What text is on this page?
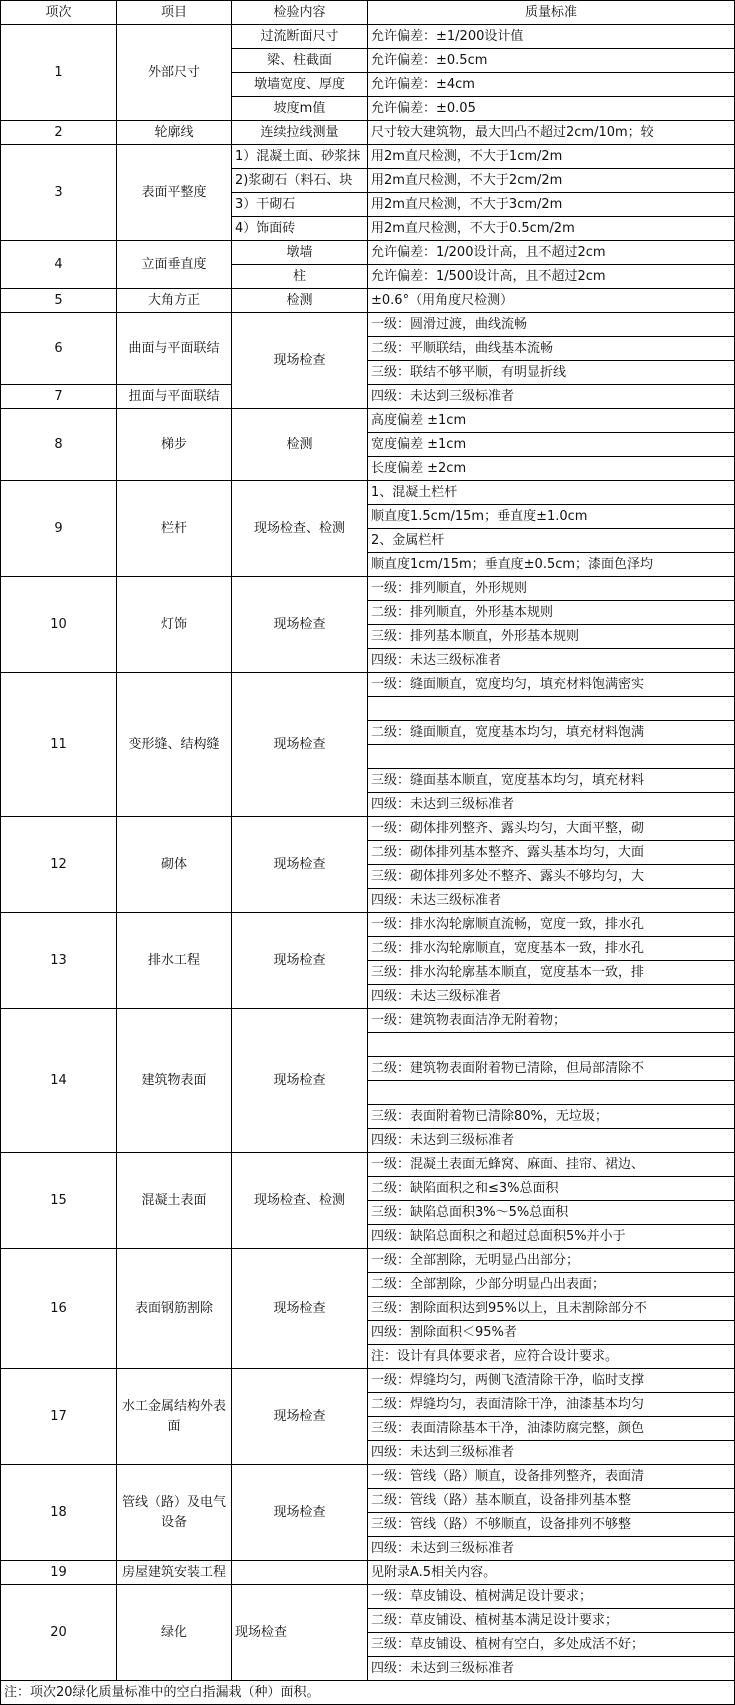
项次	项目	检验内容	质量标准
1	外部尺寸	过流断面尺寸	允许偏差：±1/200设计值
		梁、柱截面	允许偏差：±0.5cm
		墩墙宽度、厚度	允许偏差：±4cm
		坡度m值	允许偏差：±0.05
2	轮廓线	连续拉线测量	尺寸较大建筑物，最大凹凸不超过2cm/10m；较
3	表面平整度	1）混凝土面、砂浆抹	用2m直尺检测，不大于1cm/2m
		2)浆砌石（料石、块	用2m直尺检测，不大于2cm/2m
		3）干砌石	用2m直尺检测，不大于3cm/2m
		4）饰面砖	用2m直尺检测，不大于0.5cm/2m
4	立面垂直度	墩墙	允许偏差：1/200设计高，且不超过2cm
		柱	允许偏差：1/500设计高，且不超过2cm
5	大角方正	检测	±0.6°（用角度尺检测）
6	曲面与平面联结	现场检查	一级：圆滑过渡，曲线流畅
			二级：平顺联结，曲线基本流畅
			三级：联结不够平顺，有明显折线
7	扭面与平面联结		四级：未达到三级标准者
8	梯步	检测	高度偏差 ±1cm
			宽度偏差 ±1cm
			长度偏差 ±2cm
9	栏杆	现场检查、检测	1、混凝土栏杆
			顺直度1.5cm/15m；垂直度±1.0cm
			2、金属栏杆
			顺直度1cm/15m；垂直度±0.5cm；漆面色泽均
10	灯饰	现场检查	一级：排列顺直，外形规则
			二级：排列顺直，外形基本规则
			三级：排列基本顺直，外形基本规则
			四级：未达三级标准者
11	变形缝、结构缝	现场检查	一级：缝面顺直，宽度均匀，填充材料饱满密实

			二级：缝面顺直，宽度基本均匀，填充材料饱满

			三级：缝面基本顺直，宽度基本均匀，填充材料
			四级：未达到三级标准者
12	砌体	现场检查	一级：砌体排列整齐、露头均匀，大面平整，砌
			二级：砌体排列基本整齐、露头基本均匀，大面
			三级：砌体排列多处不整齐、露头不够均匀，大
			四级：未达三级标准者
13	排水工程	现场检查	一级：排水沟轮廓顺直流畅，宽度一致，排水孔
			二级：排水沟轮廓顺直，宽度基本一致，排水孔
			三级：排水沟轮廓基本顺直，宽度基本一致，排
			四级：未达三级标准者
14	建筑物表面	现场检查	一级：建筑物表面洁净无附着物；

			二级：建筑物表面附着物已清除，但局部清除不

			三级：表面附着物已清除80%，无垃圾；
			四级：未达到三级标准者
15	混凝土表面	现场检查、检测	一级：混凝土表面无蜂窝、麻面、挂帘、裙边、
			二级：缺陷面积之和≤3%总面积
			三级：缺陷总面积3%～5%总面积
			四级：缺陷总面积之和超过总面积5%并小于
16	表面钢筋割除	现场检查	一级：全部割除，无明显凸出部分；
			二级：全部割除，少部分明显凸出表面；
			三级：割除面积达到95%以上，且未割除部分不
			四级：割除面积＜95%者
			注：设计有具体要求者，应符合设计要求。
17	水工金属结构外表面	现场检查	一级：焊缝均匀，两侧飞渣清除干净，临时支撑
			二级：焊缝均匀，表面清除干净，油漆基本均匀
			三级：表面清除基本干净，油漆防腐完整，颜色
			四级：未达到三级标准者
18	管线（路）及电气设备	现场检查	一级：管线（路）顺直，设备排列整齐，表面清
			二级：管线（路）基本顺直，设备排列基本整
			三级：管线（路）不够顺直，设备排列不够整
			四级：未达到三级标准者
19	房屋建筑安装工程		见附录A.5相关内容。
20	绿化	现场检查	一级：草皮铺设、植树满足设计要求；
			二级：草皮铺设、植树基本满足设计要求；
			三级：草皮铺设、植树有空白，多处成活不好；
			四级：未达到三级标准者
注：项次20绿化质量标准中的空白指漏栽（种）面积。			
